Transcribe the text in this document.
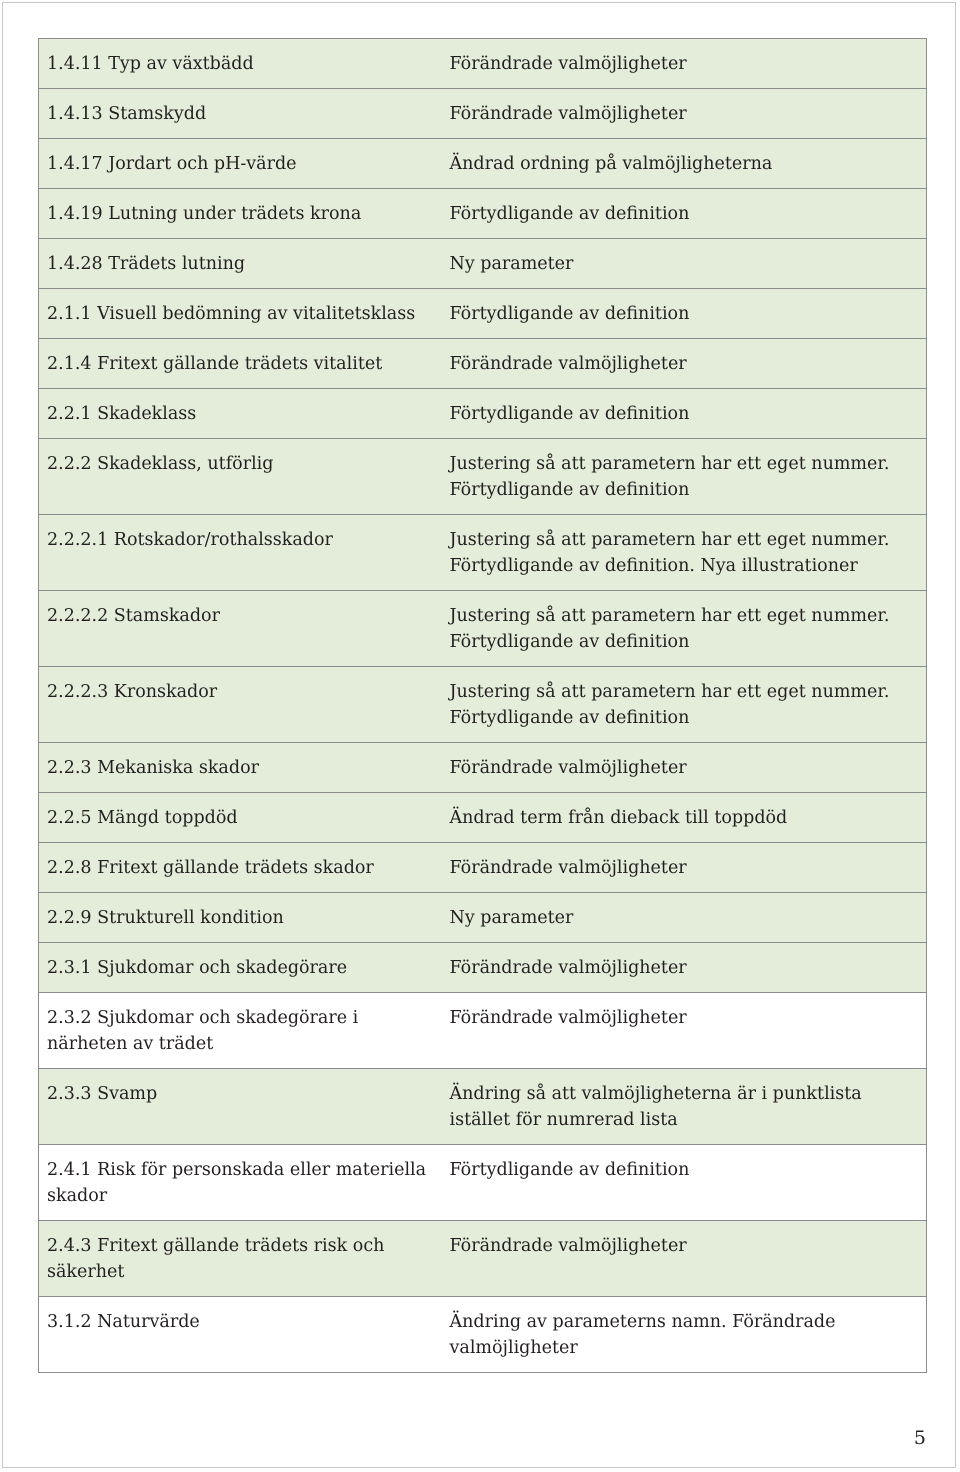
1.4.11 Typ av växtbädd	Förändrade valmöjligheter
1.4.13 Stamskydd	Förändrade valmöjligheter
1.4.17 Jordart och pH-värde	Ändrad ordning på valmöjligheterna
1.4.19 Lutning under trädets krona	Förtydligande av definition
1.4.28 Trädets lutning	Ny parameter
2.1.1 Visuell bedömning av vitalitetsklass	Förtydligande av definition
2.1.4 Fritext gällande trädets vitalitet	Förändrade valmöjligheter
2.2.1 Skadeklass	Förtydligande av definition
2.2.2 Skadeklass, utförlig	Justering så att parametern har ett eget nummer. Förtydligande av definition
2.2.2.1 Rotskador/rothalsskador	Justering så att parametern har ett eget nummer. Förtydligande av definition. Nya illustrationer
2.2.2.2 Stamskador	Justering så att parametern har ett eget nummer. Förtydligande av definition
2.2.2.3 Kronskador	Justering så att parametern har ett eget nummer. Förtydligande av definition
2.2.3 Mekaniska skador	Förändrade valmöjligheter
2.2.5 Mängd toppdöd	Ändrad term från dieback till toppdöd
2.2.8 Fritext gällande trädets skador	Förändrade valmöjligheter
2.2.9 Strukturell kondition	Ny parameter
2.3.1 Sjukdomar och skadegörare	Förändrade valmöjligheter
2.3.2 Sjukdomar och skadegörare i närheten av trädet	Förändrade valmöjligheter
2.3.3 Svamp	Ändring så att valmöjligheterna är i punktlista istället för numrerad lista
2.4.1 Risk för personskada eller materiella skador	Förtydligande av definition
2.4.3 Fritext gällande trädets risk och säkerhet	Förändrade valmöjligheter
3.1.2 Naturvärde	Ändring av parameterns namn. Förändrade valmöjligheter
5
